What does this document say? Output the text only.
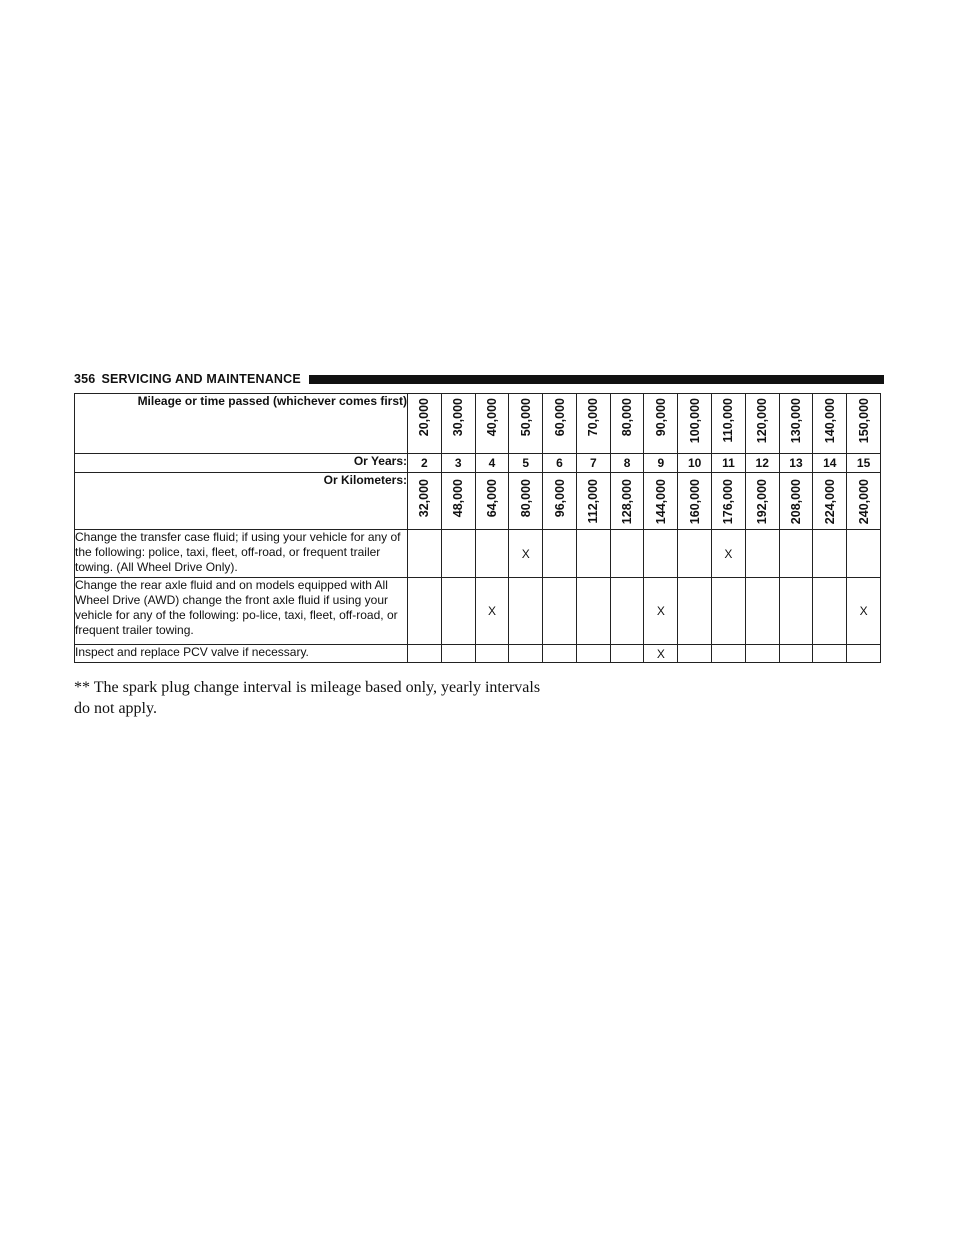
356 SERVICING AND MAINTENANCE
Mileage or time passed (whichever comes first)	20,000	30,000	40,000	50,000	60,000	70,000	80,000	90,000	100,000	110,000	120,000	130,000	140,000	150,000
Or Years:	2	3	4	5	6	7	8	9	10	11	12	13	14	15
Or Kilometers:	32,000	48,000	64,000	80,000	96,000	112,000	128,000	144,000	160,000	176,000	192,000	208,000	224,000	240,000
Change the transfer case fluid; if using your vehicle for any of the following: police, taxi, fleet, off-road, or frequent trailer towing. (All Wheel Drive Only).				X						X				
Change the rear axle fluid and on models equipped with All Wheel Drive (AWD) change the front axle fluid if using your vehicle for any of the following: po-lice, taxi, fleet, off-road, or frequent trailer towing.			X					X						X
Inspect and replace PCV valve if necessary.								X						
** The spark plug change interval is mileage based only, yearly intervals do not apply.
